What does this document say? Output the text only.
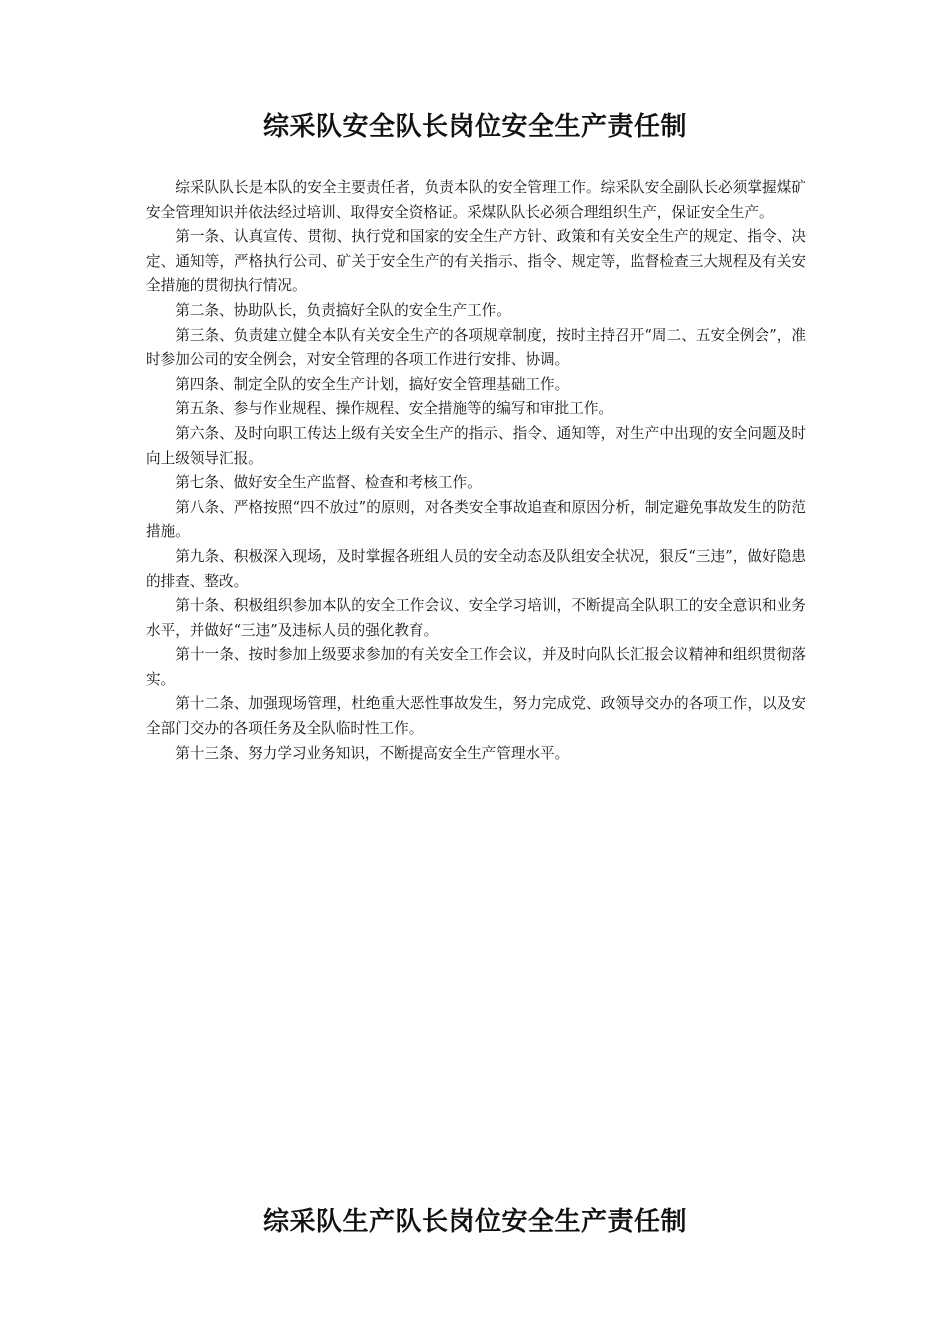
综采队安全队长岗位安全生产责任制

综采队队长是本队的安全主要责任者，负责本队的安全管理工作。综采队安全副队长必须掌握煤矿安全管理知识并依法经过培训、取得安全资格证。采煤队队长必须合理组织生产，保证安全生产。

第一条、认真宣传、贯彻、执行党和国家的安全生产方针、政策和有关安全生产的规定、指令、决定、通知等，严格执行公司、矿关于安全生产的有关指示、指令、规定等，监督检查三大规程及有关安全措施的贯彻执行情况。

第二条、协助队长，负责搞好全队的安全生产工作。

第三条、负责建立健全本队有关安全生产的各项规章制度，按时主持召开“周二、五安全例会”，准时参加公司的安全例会，对安全管理的各项工作进行安排、协调。

第四条、制定全队的安全生产计划，搞好安全管理基础工作。

第五条、参与作业规程、操作规程、安全措施等的编写和审批工作。

第六条、及时向职工传达上级有关安全生产的指示、指令、通知等，对生产中出现的安全问题及时向上级领导汇报。

第七条、做好安全生产监督、检查和考核工作。

第八条、严格按照“四不放过”的原则，对各类安全事故追查和原因分析，制定避免事故发生的防范措施。

第九条、积极深入现场，及时掌握各班组人员的安全动态及队组安全状况，狠反“三违”，做好隐患的排查、整改。

第十条、积极组织参加本队的安全工作会议、安全学习培训，不断提高全队职工的安全意识和业务水平，并做好“三违”及违标人员的强化教育。

第十一条、按时参加上级要求参加的有关安全工作会议，并及时向队长汇报会议精神和组织贯彻落实。

第十二条、加强现场管理，杜绝重大恶性事故发生，努力完成党、政领导交办的各项工作，以及安全部门交办的各项任务及全队临时性工作。

第十三条、努力学习业务知识，不断提高安全生产管理水平。

综采队生产队长岗位安全生产责任制
